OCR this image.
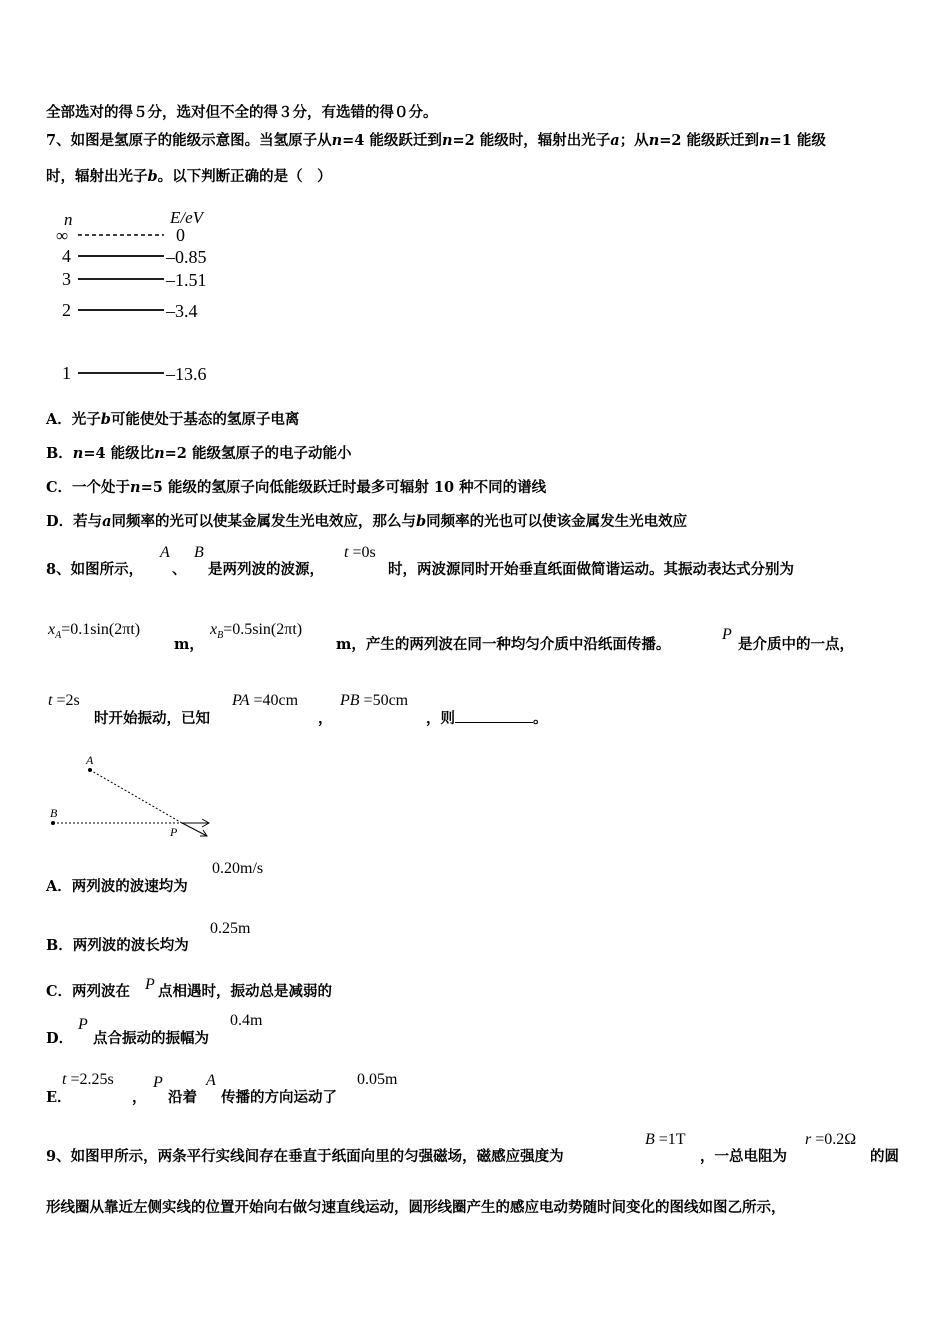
全部选对的得５分，选对但不全的得３分，有选错的得０分。
7、如图是氢原子的能级示意图。当氢原子从n=4 能级跃迁到n=2 能级时，辐射出光子a；从n=2 能级跃迁到n=1 能级
时，辐射出光子b。以下判断正确的是（　）
n	E/eV
∞	0
4	–0.85
3	–1.51
2	–3.4
1	–13.6
A．光子b可能使处于基态的氢原子电离
B．n=4 能级比n=2 能级氢原子的电子动能小
C．一个处于n=5 能级的氢原子向低能级跃迁时最多可辐射 10 种不同的谱线
D．若与a同频率的光可以使某金属发生光电效应，那么与b同频率的光也可以使该金属发生光电效应
8、如图所示，
A
、
B
是两列波的波源，
t =0s
时，两波源同时开始垂直纸面做简谐运动。其振动表达式分别为
$x_A=0.1\sin(2\pi t)$
m，
$x_B=0.5\sin(2\pi t)$
m，产生的两列波在同一种均匀介质中沿纸面传播。
P
是介质中的一点，
t =2s
时开始振动，已知
PA =40cm
，
PB =50cm
，则	。
A
B
P
A．两列波的波速均为
0.20m/s
B．两列波的波长均为
0.25m
C．两列波在 P 点相遇时，振动总是减弱的
D．
P
点合振动的振幅为
0.4m
E．
t =2.25s
，
P
沿着
A
传播的方向运动了
0.05m
9、如图甲所示，两条平行实线间存在垂直于纸面向里的匀强磁场，磁感应强度为
B =1T
，一总电阻为
r =0.2Ω
的圆
形线圈从靠近左侧实线的位置开始向右做匀速直线运动，圆形线圈产生的感应电动势随时间变化的图线如图乙所示，
